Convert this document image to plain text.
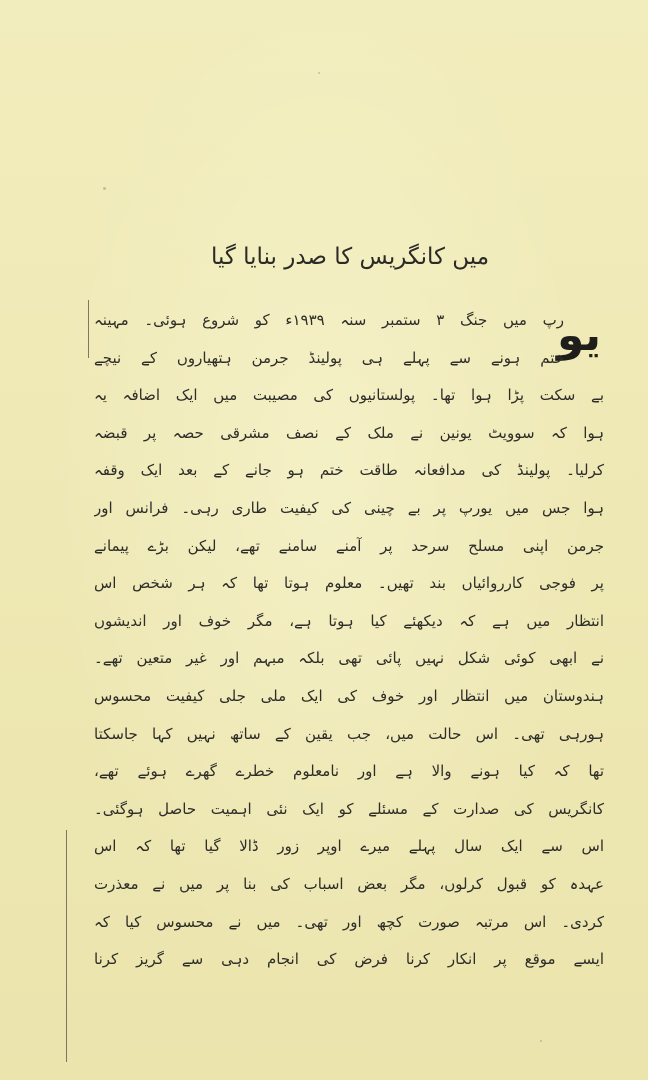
میں کانگریس کا صدر بنایا گیا
یو
رپ میں جنگ ۳ ستمبر سنہ ۱۹۳۹ء کو شروع ہوئی۔ مہینہ
ختم ہونے سے پہلے ہی پولینڈ جرمن ہتھیاروں کے نیچے
بے سکت پڑا ہوا تھا۔ پولستانیوں کی مصیبت میں ایک اضافہ یہ
ہوا کہ سوویٹ یونین نے ملک کے نصف مشرقی حصہ پر قبضہ
کرلیا۔ پولینڈ کی مدافعانہ طاقت ختم ہو جانے کے بعد ایک وقفہ
ہوا جس میں یورپ پر بے چینی کی کیفیت طاری رہی۔ فرانس اور
جرمن اپنی مسلح سرحد پر آمنے سامنے تھے، لیکن بڑے پیمانے
پر فوجی کارروائیاں بند تھیں۔ معلوم ہوتا تھا کہ ہر شخص اس
انتظار میں ہے کہ دیکھئے کیا ہوتا ہے، مگر خوف اور اندیشوں
نے ابھی کوئی شکل نہیں پائی تھی بلکہ مبہم اور غیر متعین تھے۔
ہندوستان میں انتظار اور خوف کی ایک ملی جلی کیفیت محسوس
ہورہی تھی۔ اس حالت میں، جب یقین کے ساتھ نہیں کہا جاسکتا
تھا کہ کیا ہونے والا ہے اور نامعلوم خطرے گھرے ہوئے تھے،
کانگریس کی صدارت کے مسئلے کو ایک نئی اہمیت حاصل ہوگئی۔
اس سے ایک سال پہلے میرے اوپر زور ڈالا گیا تھا کہ اس
عہدہ کو قبول کرلوں، مگر بعض اسباب کی بنا پر میں نے معذرت
کردی۔ اس مرتبہ صورت کچھ اور تھی۔ میں نے محسوس کیا کہ
ایسے موقع پر انکار کرنا فرض کی انجام دہی سے گریز کرنا
